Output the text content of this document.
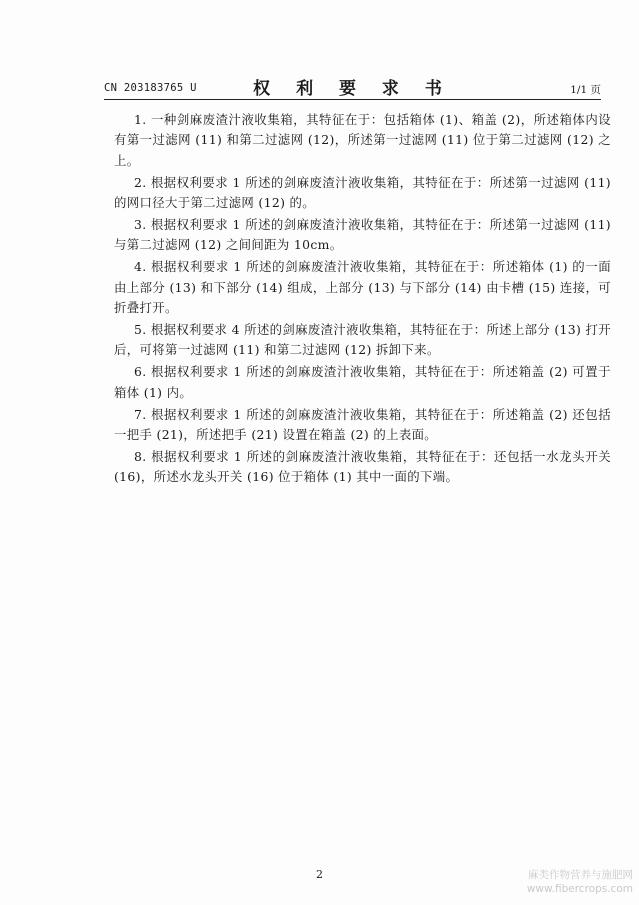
CN 203183765 U	权 利 要 求 书	1/1 页

1. 一种剑麻废渣汁液收集箱，其特征在于：包括箱体 (1)、箱盖 (2)，所述箱体内设有第一过滤网 (11) 和第二过滤网 (12)，所述第一过滤网 (11) 位于第二过滤网 (12) 之上。

2. 根据权利要求 1 所述的剑麻废渣汁液收集箱，其特征在于：所述第一过滤网 (11) 的网口径大于第二过滤网 (12) 的。

3. 根据权利要求 1 所述的剑麻废渣汁液收集箱，其特征在于：所述第一过滤网 (11) 与第二过滤网 (12) 之间间距为 10cm。

4. 根据权利要求 1 所述的剑麻废渣汁液收集箱，其特征在于：所述箱体 (1) 的一面由上部分 (13) 和下部分 (14) 组成，上部分 (13) 与下部分 (14) 由卡槽 (15) 连接，可折叠打开。

5. 根据权利要求 4 所述的剑麻废渣汁液收集箱，其特征在于：所述上部分 (13) 打开后，可将第一过滤网 (11) 和第二过滤网 (12) 拆卸下来。

6. 根据权利要求 1 所述的剑麻废渣汁液收集箱，其特征在于：所述箱盖 (2) 可置于箱体 (1) 内。

7. 根据权利要求 1 所述的剑麻废渣汁液收集箱，其特征在于：所述箱盖 (2) 还包括一把手 (21)，所述把手 (21) 设置在箱盖 (2) 的上表面。

8. 根据权利要求 1 所述的剑麻废渣汁液收集箱，其特征在于：还包括一水龙头开关 (16)，所述水龙头开关 (16) 位于箱体 (1) 其中一面的下端。

2	麻类作物营养与施肥网
www.fibercrops.com
